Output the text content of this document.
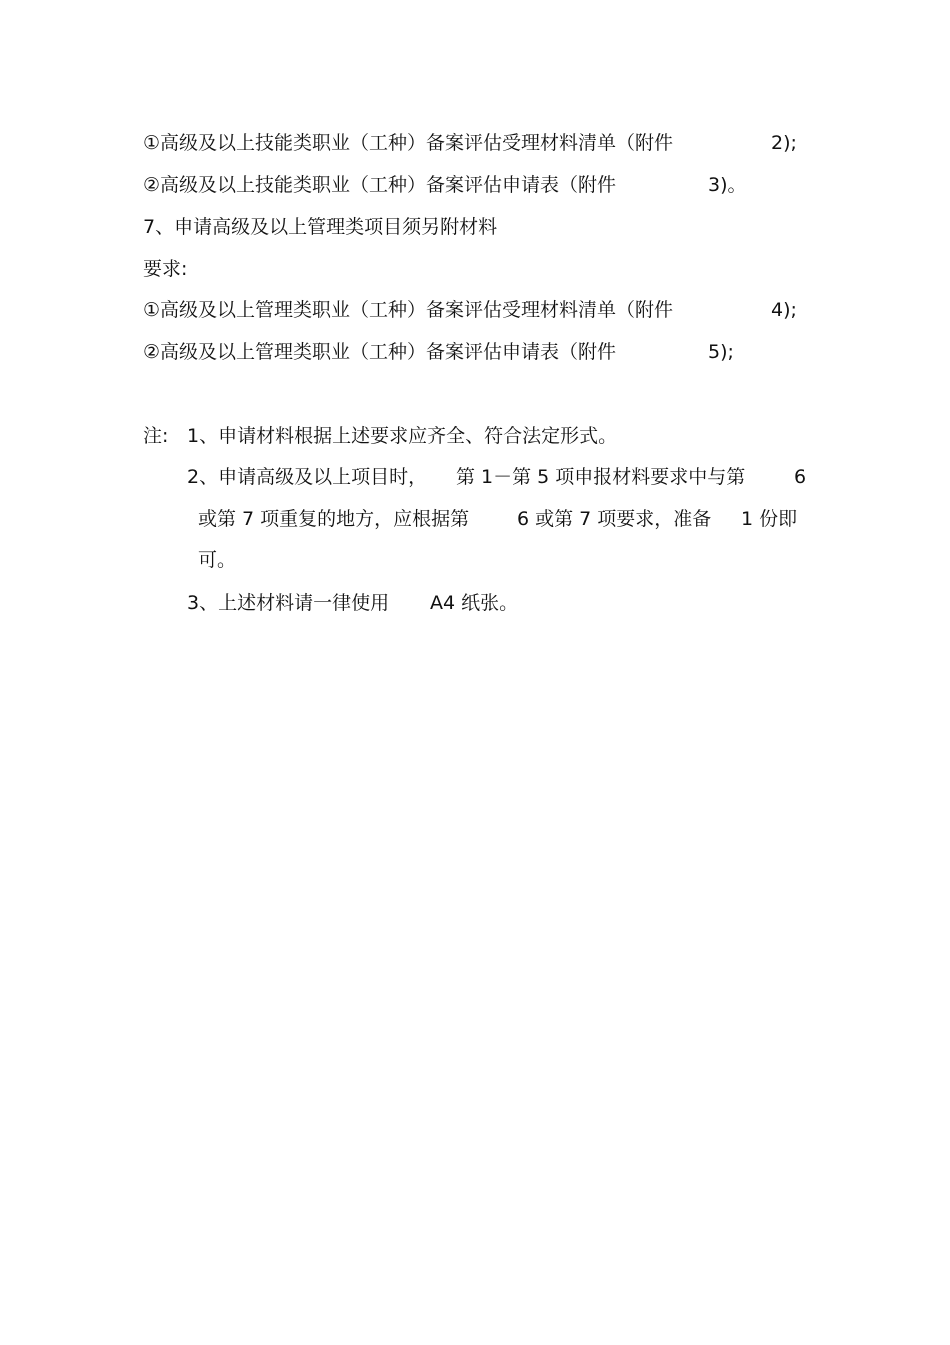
①高级及以上技能类职业（工种）备案评估受理材料清单（附件	2);
②高级及以上技能类职业（工种）备案评估申请表（附件	3)。
7、申请高级及以上管理类项目须另附材料
要求:
①高级及以上管理类职业（工种）备案评估受理材料清单（附件	4);
②高级及以上管理类职业（工种）备案评估申请表（附件	5);
注: 1、申请材料根据上述要求应齐全、符合法定形式。
2、申请高级及以上项目时， 第 1－第 5 项申报材料要求中与第	6
或第 7 项重复的地方，应根据第	6 或第 7 项要求，准备 1 份即
可。
3、上述材料请一律使用 A4 纸张。
